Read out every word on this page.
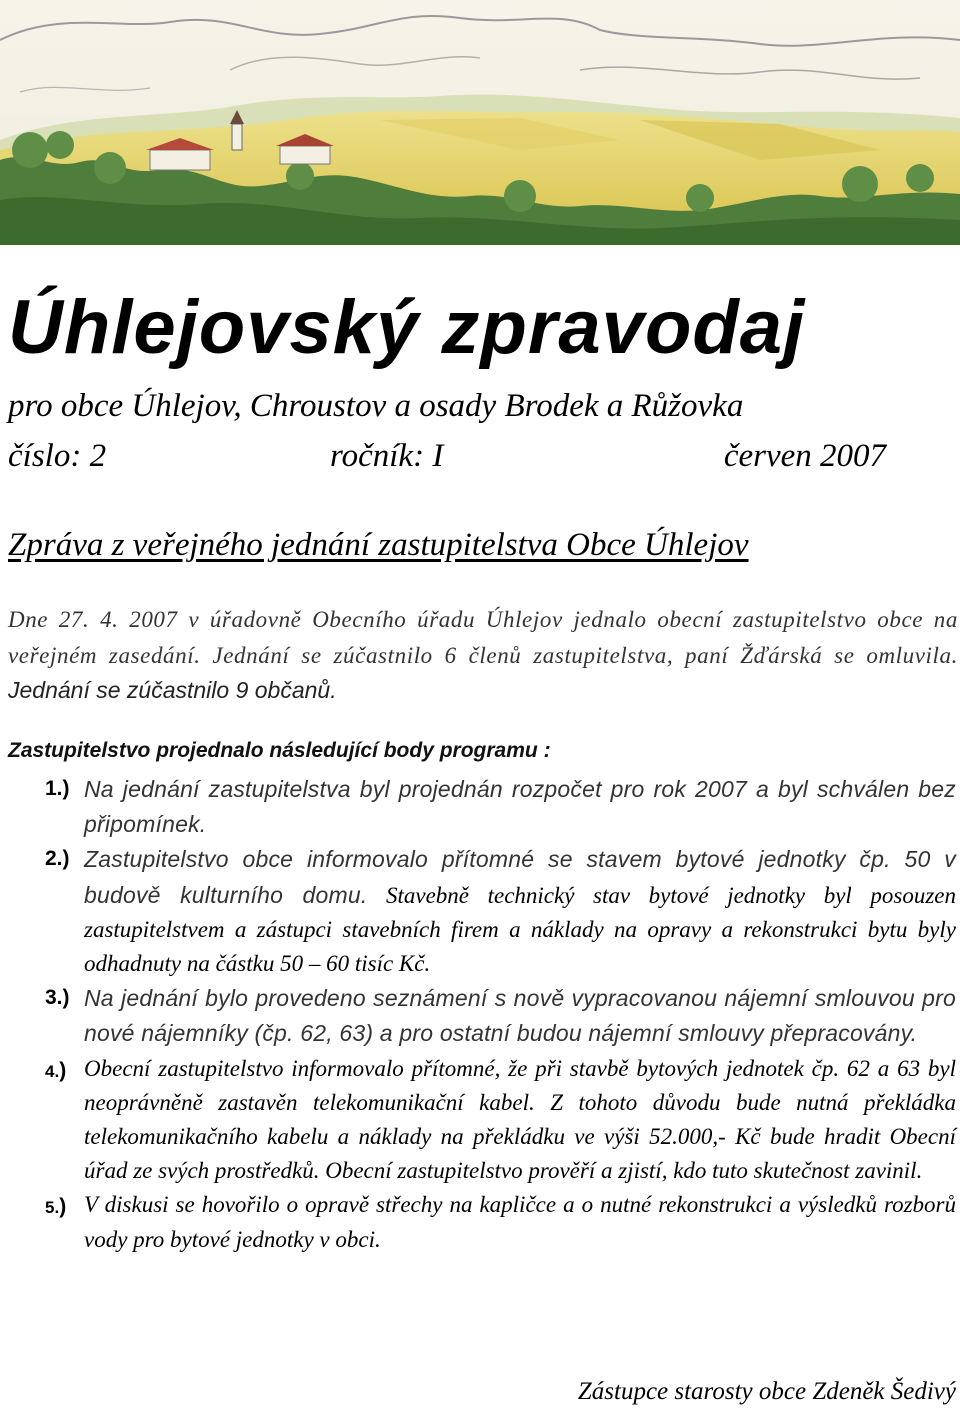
Úhlejovský zpravodaj
pro obce Úhlejov, Chroustov a osady Brodek a Růžovka
číslo: 2	ročník: I	červen 2007
Zpráva z veřejného jednání zastupitelstva Obce Úhlejov

Dne 27. 4. 2007 v úřadovně Obecního úřadu Úhlejov jednalo obecní zastupitelstvo obce na veřejném zasedání. Jednání se zúčastnilo 6 členů zastupitelstva, paní Žďárská se omluvila. Jednání se zúčastnilo 9 občanů.

Zastupitelstvo projednalo následující body programu :

1.) Na jednání zastupitelstva byl projednán rozpočet pro rok 2007 a byl schválen bez připomínek.

2.) Zastupitelstvo obce informovalo přítomné se stavem bytové jednotky čp. 50 v budově kulturního domu. Stavebně technický stav bytové jednotky byl posouzen zastupitelstvem a zástupci stavebních firem a náklady na opravy a rekonstrukci bytu byly odhadnuty na částku 50 – 60 tisíc Kč.

3.) Na jednání bylo provedeno seznámení s nově vypracovanou nájemní smlouvou pro nové nájemníky (čp. 62, 63) a pro ostatní budou nájemní smlouvy přepracovány.

4.) Obecní zastupitelstvo informovalo přítomné, že při stavbě bytových jednotek čp. 62 a 63 byl neoprávněně zastavěn telekomunikační kabel. Z tohoto důvodu bude nutná překládka telekomunikačního kabelu a náklady na překládku ve výši 52.000,- Kč bude hradit Obecní úřad ze svých prostředků. Obecní zastupitelstvo prověří a zjistí, kdo tuto skutečnost zavinil.

5.) V diskusi se hovořilo o opravě střechy na kapličce a o nutné rekonstrukci a výsledků rozborů vody pro bytové jednotky v obci.

Zástupce starosty obce Zdeněk Šedivý
